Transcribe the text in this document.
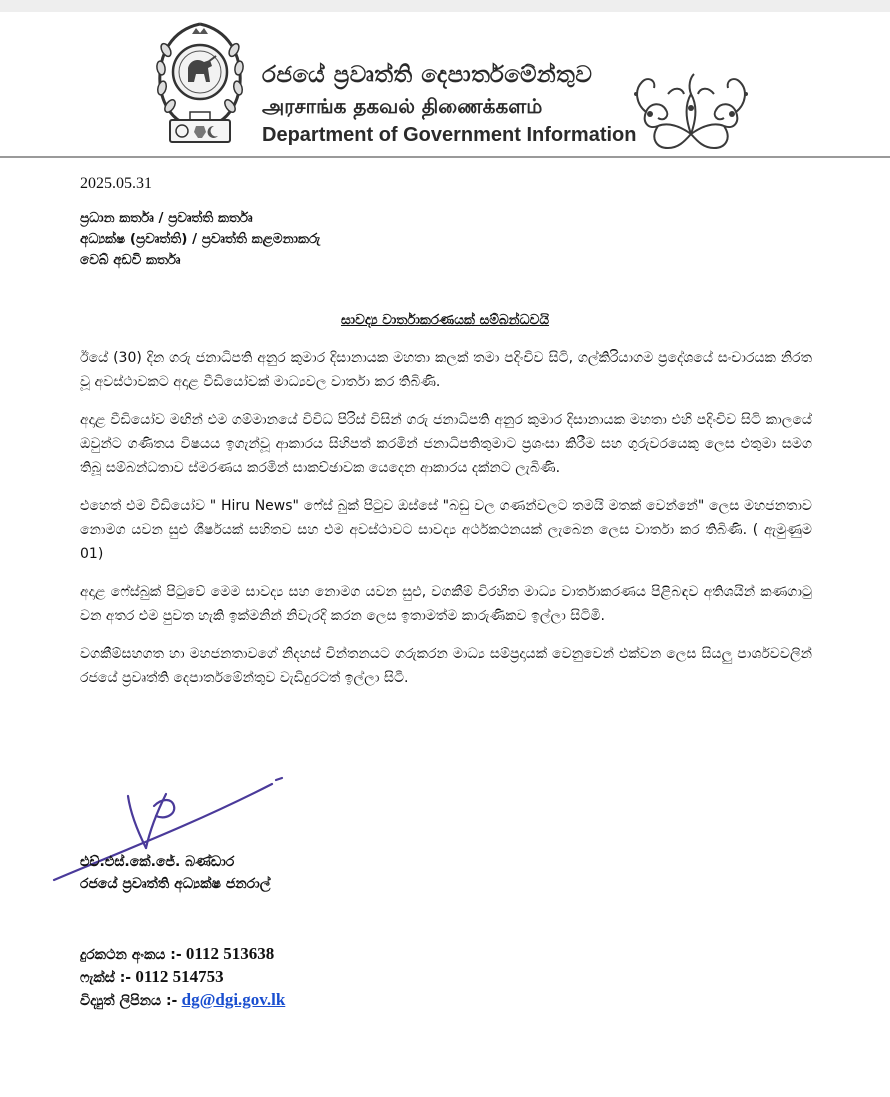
රජයේ ප්‍රවෘත්ති දෙපාර්තමේන්තුව
அரசாங்க தகவல் திணைக்களம்
Department of Government Information
2025.05.31
ප්‍රධාන කර්තෘ / ප්‍රවෘත්ති කර්තෘ
අධ්‍යක්ෂ (ප්‍රවෘත්ති) / ප්‍රවෘත්ති කළමනාකරු
වෙබ් අඩවි කර්තෘ
සාවද්‍ය වාර්තාකරණයක් සම්බන්ධවයි

ඊයේ (30) දින ගරු ජනාධිපති අනුර කුමාර දිසානායක මහතා කලක් තමා පදිංචිව සිටි, ගල්කිරියාගම ප්‍රදේශයේ සංචාරයක නිරත වූ අවස්ථාවකට අදාළ වීඩියෝවක් මාධ්‍යවල වාර්තා කර තිබිණි.

අදාළ වීඩියෝව මඟින් එම ගම්මානයේ විවිධ පිරිස් විසින් ගරු ජනාධිපති අනුර කුමාර දිසානායක මහතා එහි පදිංචිව සිටි කාලයේ ඔවුන්ට ගණිතය විෂයය ඉගැන්වූ ආකාරය සිහිපත් කරමින් ජනාධිපතිතුමාට ප්‍රශංසා කිරීම සහ ගුරුවරයෙකු ලෙස එතුමා සමග තිබූ සම්බන්ධතාව ස්මරණය කරමින් සාකච්ඡාවක යෙදෙන ආකාරය දක්නට ලැබිණි.

එහෙත් එම වීඩියෝව " Hiru News" ෆේස් බුක් පිටුව ඔස්සේ "බඩු වල ගණන්වලට තමයි මතක් වෙන්නේ" ලෙස මහජනතාව නොමග යවන සුළු ශීර්ෂයක් සහිතව සහ එම අවස්ථාවට සාවද්‍ය අර්ථකථනයක් ලැබෙන ලෙස වාර්තා කර තිබිණි. ( ඇමුණුම 01)

අදාළ ෆේස්බුක් පිටුවේ මෙම සාවද්‍ය සහ නොමග යවන සුළු, වගකීම් විරහිත මාධ්‍ය වාර්තාකරණය පිළිබඳව අතිශයින් කණගාටු වන අතර එම පුවත හැකි ඉක්මනින් නිවැරදි කරන ලෙස ඉතාමත්ම කාරුණිකව ඉල්ලා සිටිමි.

වගකීම්සහගත හා මහජනතාවගේ නිදහස් චින්තනයට ගරුකරන මාධ්‍ය සම්ප්‍රදායක් වෙනුවෙන් එක්වන ලෙස සියලු පාර්ශවවලින් රජයේ ප්‍රවෘත්ති දෙපාර්තමේන්තුව වැඩිදුරටත් ඉල්ලා සිටී.

එච්.එස්.කේ.ජේ. බණ්ඩාර
රජයේ ප්‍රවෘත්ති අධ්‍යක්ෂ ජනරාල්
දුරකථන අංකය :- 0112 513638
ෆැක්ස් :- 0112 514753
විද්‍යුත් ලිපිනය :- dg@dgi.gov.lk
